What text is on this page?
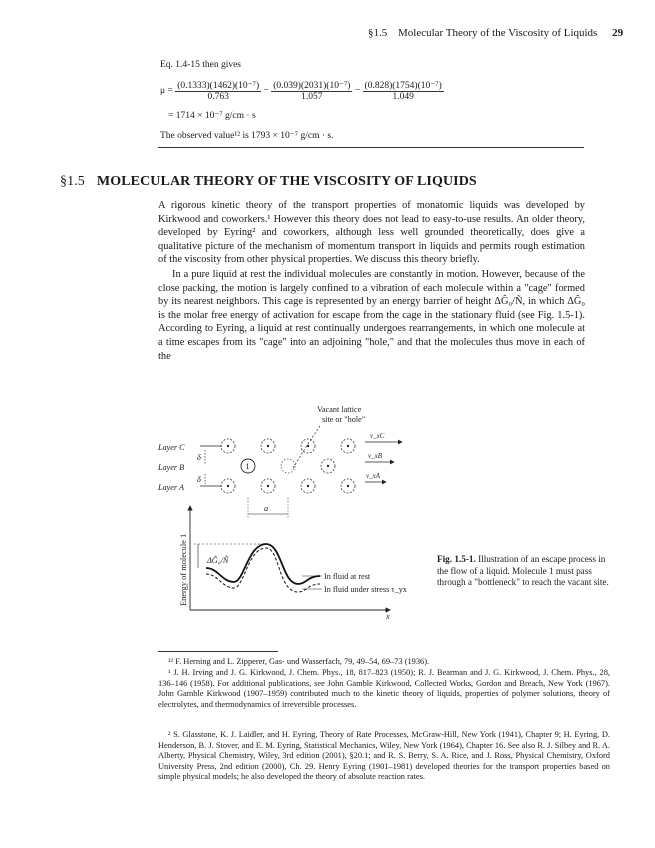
§1.5 Molecular Theory of the Viscosity of Liquids 29
Eq. 1.4-15 then gives
$\mu = \frac{\text{(0.1333)(1462)(10⁻⁷)}}{0.763} - \frac{\text{(0.039)(2031)(10⁻⁷)}}{1.057} - \frac{\text{(0.828)(1754)(10⁻⁷)}}{1.049}$
= 1714 × 10⁻⁷ g/cm · s
The observed value¹² is 1793 × 10⁻⁷ g/cm · s.
§1.5 MOLECULAR THEORY OF THE VISCOSITY OF LIQUIDS

A rigorous kinetic theory of the transport properties of monatomic liquids was developed by Kirkwood and coworkers.¹ However this theory does not lead to easy-to-use results. An older theory, developed by Eyring² and coworkers, although less well grounded theoretically, does give a qualitative picture of the mechanism of momentum transport in liquids and permits rough estimation of the viscosity from other physical properties. We discuss this theory briefly.

In a pure liquid at rest the individual molecules are constantly in motion. However, because of the close packing, the motion is largely confined to a vibration of each molecule within a "cage" formed by its nearest neighbors. This cage is represented by an energy barrier of height ΔĜ₀/Ñ, in which ΔĜ₀ is the molar free energy of activation for escape from the cage in the stationary fluid (see Fig. 1.5-1). According to Eyring, a liquid at rest continually undergoes rearrangements, in which one molecule at a time escapes from its "cage" into an adjoining "hole," and that the molecules thus move in each of the

Vacant lattice
site or "hole"
Layer C
Layer B
Layer A
δ
δ
1
v_xC
v_xB
v_xA
a
Energy of molecule 1
x
ΔĜ₀/Ñ
In fluid at rest
In fluid under stress τ_yx
Fig. 1.5-1. Illustration of an escape process in the flow of a liquid. Molecule 1 must pass through a "bottleneck" to reach the vacant site.

¹² F. Herning and L. Zipperer, Gas- und Wasserfach, 79, 49–54, 69–73 (1936).

¹ J. H. Irving and J. G. Kirkwood, J. Chem. Phys., 18, 817–823 (1950); R. J. Bearman and J. G. Kirkwood, J. Chem. Phys., 28, 136–146 (1958). For additional publications, see John Gamble Kirkwood, Collected Works, Gordon and Breach, New York (1967). John Gamble Kirkwood (1907–1959) contributed much to the kinetic theory of liquids, properties of polymer solutions, theory of electrolytes, and thermodynamics of irreversible processes.

² S. Glasstone, K. J. Laidler, and H. Eyring, Theory of Rate Processes, McGraw-Hill, New York (1941), Chapter 9; H. Eyring, D. Henderson, B. J. Stover, and E. M. Eyring, Statistical Mechanics, Wiley, New York (1964), Chapter 16. See also R. J. Silbey and R. A. Alberty, Physical Chemistry, Wiley, 3rd edition (2001), §20.1; and R. S. Berry, S. A. Rice, and J. Ross, Physical Chemistry, Oxford University Press, 2nd edition (2000), Ch. 29. Henry Eyring (1901–1981) developed theories for the transport properties based on simple physical models; he also developed the theory of absolute reaction rates.
